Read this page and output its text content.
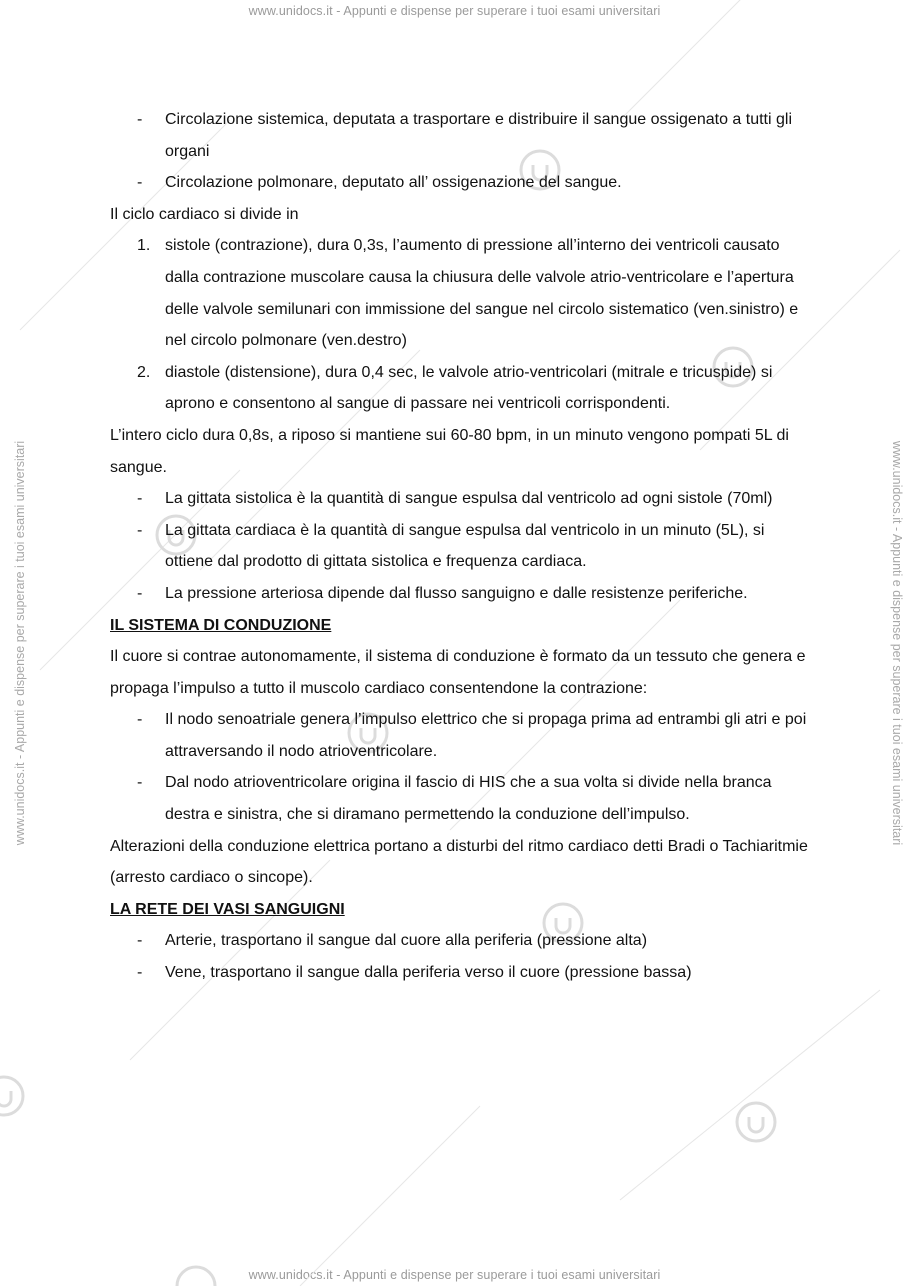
www.unidocs.it - Appunti e dispense per superare i tuoi esami universitari
www.unidocs.it - Appunti e dispense per superare i tuoi esami universitari
www.unidocs.it - Appunti e dispense per superare i tuoi esami universitari	www.unidocs.it - Appunti e dispense per superare i tuoi esami universitari

- Circolazione sistemica, deputata a trasportare e distribuire il sangue ossigenato a tutti gli organi

- Circolazione polmonare, deputato all’ ossigenazione del sangue.

Il ciclo cardiaco si divide in

1. sistole (contrazione), dura 0,3s, l’aumento di pressione all’interno dei ventricoli causato dalla contrazione muscolare causa la chiusura delle valvole atrio-ventricolare e l’apertura delle valvole semilunari con immissione del sangue nel circolo sistematico (ven.sinistro) e nel circolo polmonare (ven.destro)

2. diastole (distensione), dura 0,4 sec, le valvole atrio-ventricolari (mitrale e tricuspide) si aprono e consentono al sangue di passare nei ventricoli corrispondenti.

L’intero ciclo dura 0,8s, a riposo si mantiene sui 60-80 bpm, in un minuto vengono pompati 5L di sangue.

- La gittata sistolica è la quantità di sangue espulsa dal ventricolo ad ogni sistole (70ml)

- La gittata cardiaca è la quantità di sangue espulsa dal ventricolo in un minuto (5L), si ottiene dal prodotto di gittata sistolica e frequenza cardiaca.

- La pressione arteriosa dipende dal flusso sanguigno e dalle resistenze periferiche.

IL SISTEMA DI CONDUZIONE

Il cuore si contrae autonomamente, il sistema di conduzione è formato da un tessuto che genera e propaga l’impulso a tutto il muscolo cardiaco consentendone la contrazione:

- Il nodo senoatriale genera l’impulso elettrico che si propaga prima ad entrambi gli atri e poi attraversando il nodo atrioventricolare.

- Dal nodo atrioventricolare origina il fascio di HIS che a sua volta si divide nella branca destra e sinistra, che si diramano permettendo la conduzione dell’impulso.

Alterazioni della conduzione elettrica portano a disturbi del ritmo cardiaco detti Bradi o Tachiaritmie (arresto cardiaco o sincope).

LA RETE DEI VASI SANGUIGNI

- Arterie, trasportano il sangue dal cuore alla periferia (pressione alta)

- Vene, trasportano il sangue dalla periferia verso il cuore (pressione bassa)
